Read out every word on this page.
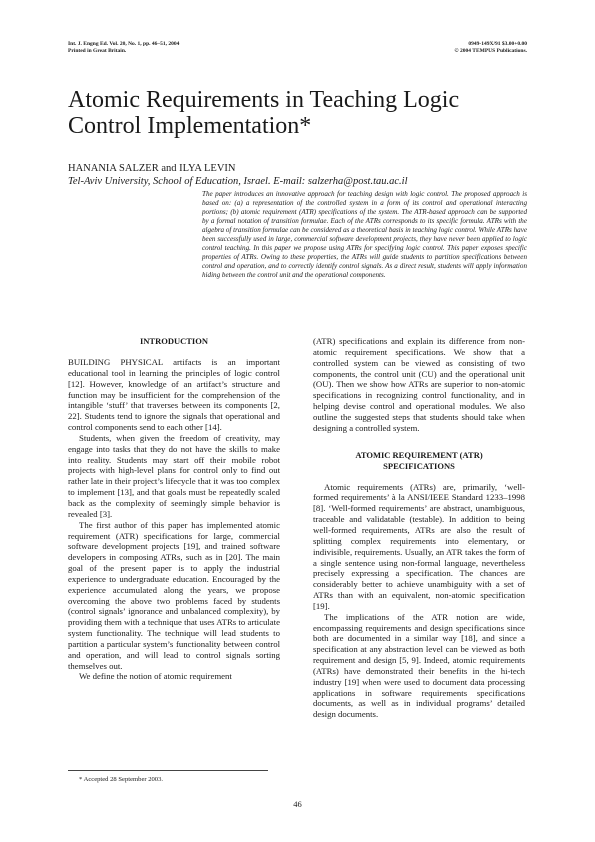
Int. J. Engng Ed. Vol. 20, No. 1, pp. 46–51, 2004
Printed in Great Britain.
0949-149X/91 $3.00+0.00
© 2004 TEMPUS Publications.
Atomic Requirements in Teaching Logic
Control Implementation*
HANANIA SALZER and ILYA LEVIN
Tel-Aviv University, School of Education, Israel. E-mail: salzerha@post.tau.ac.il
The paper introduces an innovative approach for teaching design with logic control. The proposed approach is based on: (a) a representation of the controlled system in a form of its control and operational interacting portions; (b) atomic requirement (ATR) specifications of the system. The ATR-based approach can be supported by a formal notation of transition formulae. Each of the ATRs corresponds to its specific formula. ATRs with the algebra of transition formulae can be considered as a theoretical basis in teaching logic control. While ATRs have been successfully used in large, commercial software development projects, they have never been applied to logic control teaching. In this paper we propose using ATRs for specifying logic control. This paper exposes specific properties of ATRs. Owing to these properties, the ATRs will guide students to partition specifications between control and operation, and to correctly identify control signals. As a direct result, students will apply information hiding between the control unit and the operational components.
INTRODUCTION

BUILDING PHYSICAL artifacts is an important educational tool in learning the principles of logic control [12]. However, knowledge of an artifact’s structure and function may be insufficient for the comprehension of the intangible ‘stuff’ that traverses between its components [2, 22]. Students tend to ignore the signals that operational and control components send to each other [14].

Students, when given the freedom of creativity, may engage into tasks that they do not have the skills to make into reality. Students may start off their mobile robot projects with high-level plans for control only to find out rather late in their project’s lifecycle that it was too complex to implement [13], and that goals must be repeatedly scaled back as the complexity of seemingly simple behavior is revealed [3].

The first author of this paper has implemented atomic requirement (ATR) specifications for large, commercial software development projects [19], and trained software developers in composing ATRs, such as in [20]. The main goal of the present paper is to apply the industrial experience to undergraduate education. Encouraged by the experience accumulated along the years, we propose overcoming the above two problems faced by students (control signals’ ignorance and unbalanced complexity), by providing them with a technique that uses ATRs to articulate system functionality. The technique will lead students to partition a particular system’s functionality between control and operation, and will lead to control signals sorting themselves out.

We define the notion of atomic requirement

(ATR) specifications and explain its difference from non-atomic requirement specifications. We show that a controlled system can be viewed as consisting of two components, the control unit (CU) and the operational unit (OU). Then we show how ATRs are superior to non-atomic specifications in recognizing control functionality, and in helping devise control and operational modules. We also outline the suggested steps that students should take when designing a controlled system.

ATOMIC REQUIREMENT (ATR)
SPECIFICATIONS

Atomic requirements (ATRs) are, primarily, ‘well-formed requirements’ à la ANSI/IEEE Standard 1233–1998 [8]. ‘Well-formed requirements’ are abstract, unambiguous, traceable and validatable (testable). In addition to being well-formed requirements, ATRs are also the result of splitting complex requirements into elementary, or indivisible, requirements. Usually, an ATR takes the form of a single sentence using non-formal language, nevertheless precisely expressing a specification. The chances are considerably better to achieve unambiguity with a set of ATRs than with an equivalent, non-atomic specification [19].

The implications of the ATR notion are wide, encompassing requirements and design specifications since both are documented in a similar way [18], and since a specification at any abstraction level can be viewed as both requirement and design [5, 9]. Indeed, atomic requirements (ATRs) have demonstrated their benefits in the hi-tech industry [19] when were used to document data processing applications in software requirements specifications documents, as well as in individual programs’ detailed design documents.

* Accepted 28 September 2003.
46
